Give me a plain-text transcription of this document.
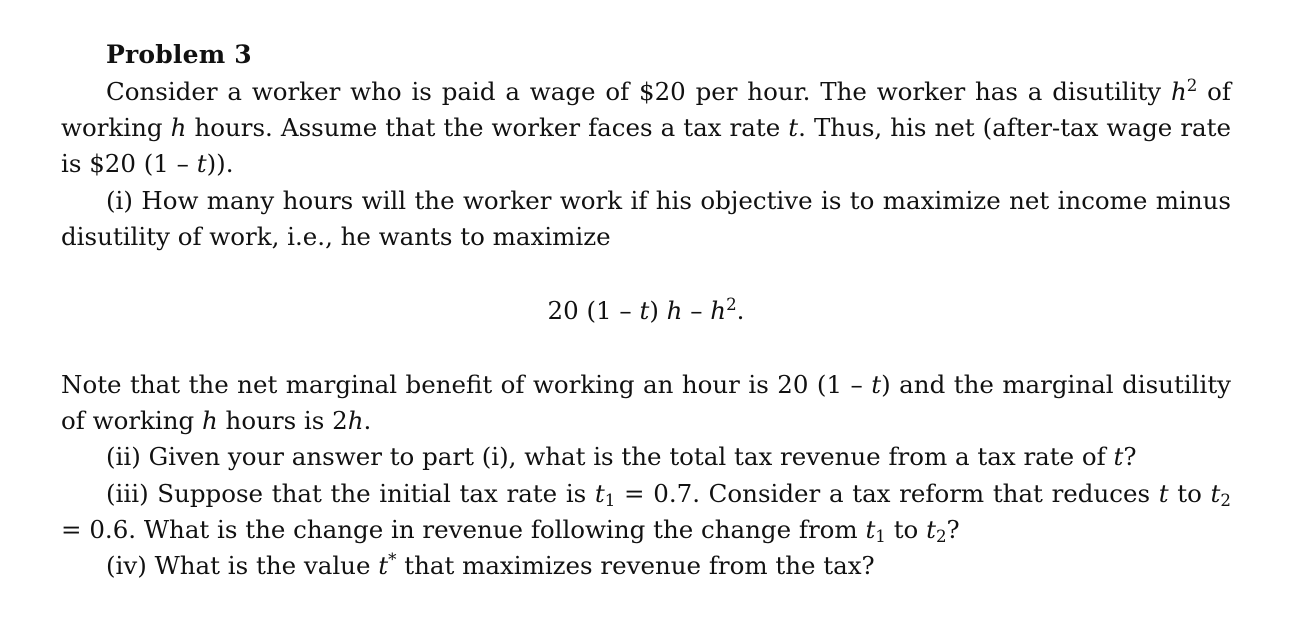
Problem 3

Consider a worker who is paid a wage of $20 per hour. The worker has a disutility $h^2$ of working h hours. Assume that the worker faces a tax rate t. Thus, his net (after-tax wage rate is $20 (1 – t)).

(i) How many hours will the worker work if his objective is to maximize net income minus disutility of work, i.e., he wants to maximize

20 (1 – t) h – $h^2$.

Note that the net marginal benefit of working an hour is 20 (1 – t) and the marginal disutility of working h hours is 2h.

(ii) Given your answer to part (i), what is the total tax revenue from a tax rate of t?

(iii) Suppose that the initial tax rate is $t_1 = 0.7$. Consider a tax reform that reduces t to $t_2 = 0.6$. What is the change in revenue following the change from $t_1$ to $t_2$?

(iv) What is the value t* that maximizes revenue from the tax?
